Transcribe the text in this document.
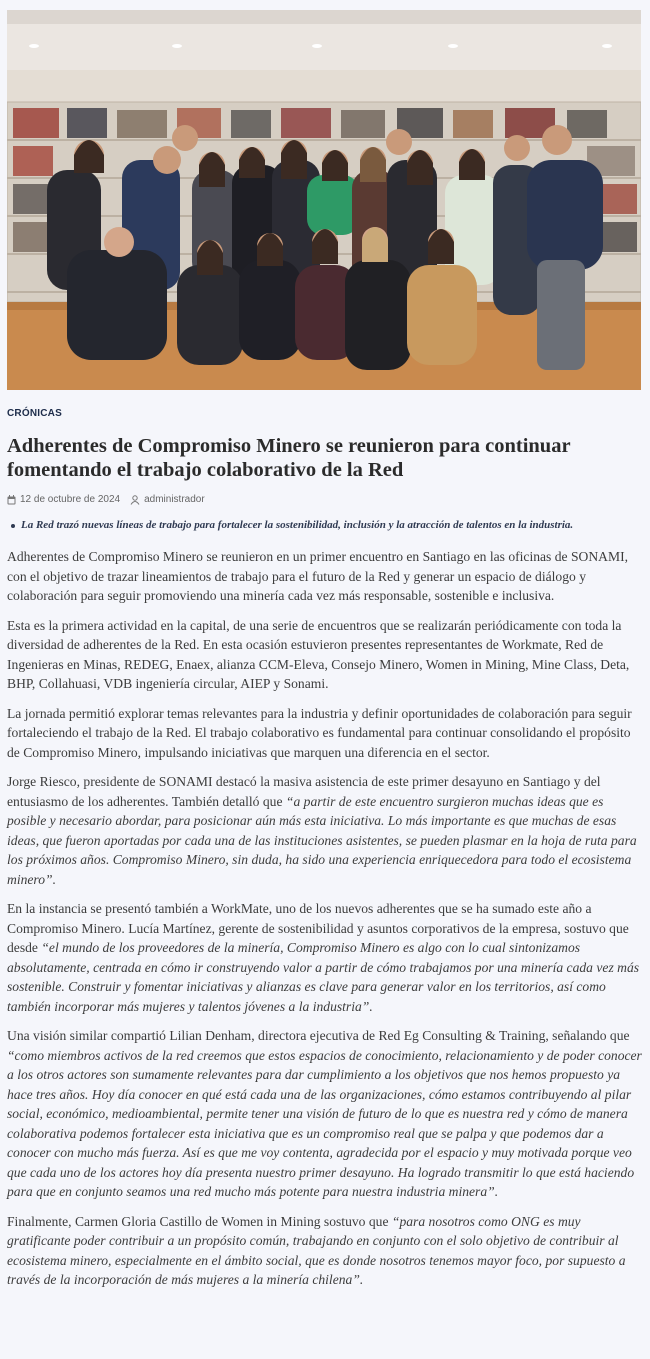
CRÓNICAS
Adherentes de Compromiso Minero se reunieron para continuar fomentando el trabajo colaborativo de la Red
12 de octubre de 2024 administrador
La Red trazó nuevas líneas de trabajo para fortalecer la sostenibilidad, inclusión y la atracción de talentos en la industria.

Adherentes de Compromiso Minero se reunieron en un primer encuentro en Santiago en las oficinas de SONAMI, con el objetivo de trazar lineamientos de trabajo para el futuro de la Red y generar un espacio de diálogo y colaboración para seguir promoviendo una minería cada vez más responsable, sostenible e inclusiva.

Esta es la primera actividad en la capital, de una serie de encuentros que se realizarán periódicamente con toda la diversidad de adherentes de la Red. En esta ocasión estuvieron presentes representantes de Workmate, Red de Ingenieras en Minas, REDEG, Enaex, alianza CCM-Eleva, Consejo Minero, Women in Mining, Mine Class, Deta, BHP, Collahuasi, VDB ingeniería circular, AIEP y Sonami.

La jornada permitió explorar temas relevantes para la industria y definir oportunidades de colaboración para seguir fortaleciendo el trabajo de la Red. El trabajo colaborativo es fundamental para continuar consolidando el propósito de Compromiso Minero, impulsando iniciativas que marquen una diferencia en el sector.

Jorge Riesco, presidente de SONAMI destacó la masiva asistencia de este primer desayuno en Santiago y del entusiasmo de los adherentes. También detalló que “a partir de este encuentro surgieron muchas ideas que es posible y necesario abordar, para posicionar aún más esta iniciativa. Lo más importante es que muchas de esas ideas, que fueron aportadas por cada una de las instituciones asistentes, se pueden plasmar en la hoja de ruta para los próximos años. Compromiso Minero, sin duda, ha sido una experiencia enriquecedora para todo el ecosistema minero”.

En la instancia se presentó también a WorkMate, uno de los nuevos adherentes que se ha sumado este año a Compromiso Minero. Lucía Martínez, gerente de sostenibilidad y asuntos corporativos de la empresa, sostuvo que desde “el mundo de los proveedores de la minería, Compromiso Minero es algo con lo cual sintonizamos absolutamente, centrada en cómo ir construyendo valor a partir de cómo trabajamos por una minería cada vez más sostenible. Construir y fomentar iniciativas y alianzas es clave para generar valor en los territorios, así como también incorporar más mujeres y talentos jóvenes a la industria”.

Una visión similar compartió Lilian Denham, directora ejecutiva de Red Eg Consulting & Training, señalando que “como miembros activos de la red creemos que estos espacios de conocimiento, relacionamiento y de poder conocer a los otros actores son sumamente relevantes para dar cumplimiento a los objetivos que nos hemos propuesto ya hace tres años. Hoy día conocer en qué está cada una de las organizaciones, cómo estamos contribuyendo al pilar social, económico, medioambiental, permite tener una visión de futuro de lo que es nuestra red y cómo de manera colaborativa podemos fortalecer esta iniciativa que es un compromiso real que se palpa y que podemos dar a conocer con mucho más fuerza. Así es que me voy contenta, agradecida por el espacio y muy motivada porque veo que cada uno de los actores hoy día presenta nuestro primer desayuno. Ha logrado transmitir lo que está haciendo para que en conjunto seamos una red mucho más potente para nuestra industria minera”.

Finalmente, Carmen Gloria Castillo de Women in Mining sostuvo que “para nosotros como ONG es muy gratificante poder contribuir a un propósito común, trabajando en conjunto con el solo objetivo de contribuir al ecosistema minero, especialmente en el ámbito social, que es donde nosotros tenemos mayor foco, por supuesto a través de la incorporación de más mujeres a la minería chilena”.
